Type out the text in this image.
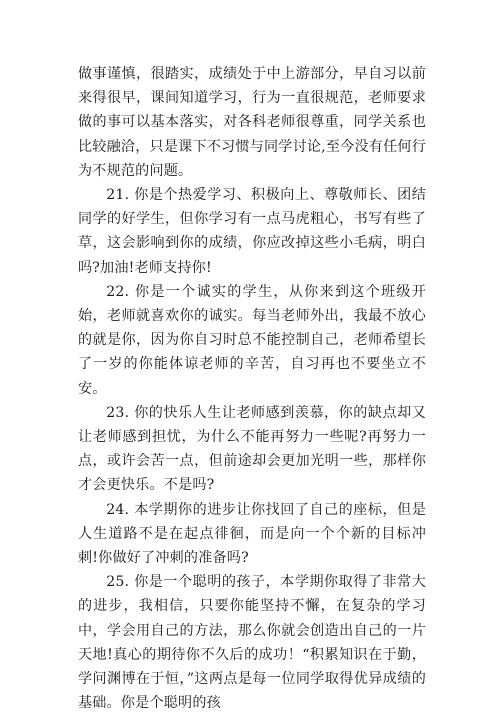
做事谨慎，很踏实，成绩处于中上游部分，早自习以前来得很早，课间知道学习，行为一直很规范，老师要求做的事可以基本落实，对各科老师很尊重，同学关系也比较融洽，只是课下不习惯与同学讨论,至今没有任何行为不规范的问题。

21. 你是个热爱学习、积极向上、尊敬师长、团结同学的好学生，但你学习有一点马虎粗心，书写有些了草，这会影响到你的成绩，你应改掉这些小毛病，明白吗?加油!老师支持你!

22. 你是一个诚实的学生，从你来到这个班级开始，老师就喜欢你的诚实。每当老师外出，我最不放心的就是你，因为你自习时总不能控制自己，老师希望长了一岁的你能体谅老师的辛苦，自习再也不要坐立不安。

23. 你的快乐人生让老师感到羡慕，你的缺点却又让老师感到担忧，为什么不能再努力一些呢?再努力一点，或许会苦一点，但前途却会更加光明一些，那样你才会更快乐。不是吗?

24. 本学期你的进步让你找回了自己的座标，但是人生道路不是在起点徘徊，而是向一个个新的目标冲刺!你做好了冲刺的准备吗?

25. 你是一个聪明的孩子，本学期你取得了非常大的进步，我相信，只要你能坚持不懈，在复杂的学习中，学会用自己的方法，那么你就会创造出自己的一片天地!真心的期待你不久后的成功！“积累知识在于勤，学问渊博在于恒，”这两点是每一位同学取得优异成绩的基础。你是个聪明的孩
